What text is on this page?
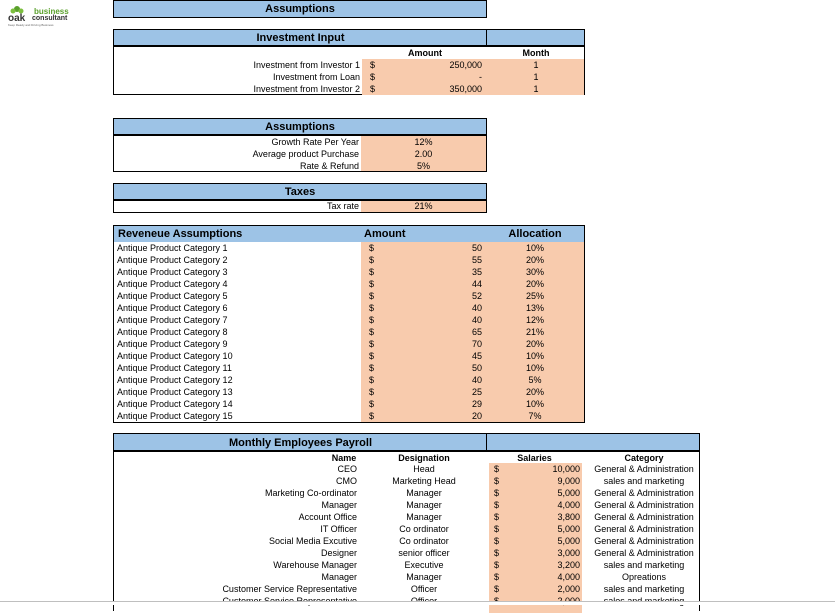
oak
business
consultant
Keep Ready and Driving Business
Assumptions
Investment Input
Amount	Month
Investment from Investor 1 $	250,000	1
Investment from Loan $	-	1
Investment from Investor 2 $	350,000	1
Assumptions
Growth Rate Per Year	12%
Average product Purchase	2.00
Rate & Refund	5%
Taxes
Tax rate	21%
Reveneue Assumptions	Amount	Allocation
Antique Product Category 1	$	50	10%
Antique Product Category 2	$	55	20%
Antique Product Category 3	$	35	30%
Antique Product Category 4	$	44	20%
Antique Product Category 5	$	52	25%
Antique Product Category 6	$	40	13%
Antique Product Category 7	$	40	12%
Antique Product Category 8	$	65	21%
Antique Product Category 9	$	70	20%
Antique Product Category 10	$	45	10%
Antique Product Category 11	$	50	10%
Antique Product Category 12	$	40	5%
Antique Product Category 13	$	25	20%
Antique Product Category 14	$	29	10%
Antique Product Category 15	$	20	7%
Monthly Employees Payroll
Name	Designation	Salaries	Category
CEO	Head	$	10,000	General & Administration
CMO	Marketing Head	$	9,000	sales and marketing
Marketing Co-ordinator	Manager	$	5,000	General & Administration
Manager	Manager	$	4,000	General & Administration
Account Office	Manager	$	3,800	General & Administration
IT Officer	Co ordinator	$	5,000	General & Administration
Social Media Excutive	Co ordinator	$	5,000	General & Administration
Designer	senior officer	$	3,000	General & Administration
Warehouse Manager	Executive	$	3,200	sales and marketing
Manager	Manager	$	4,000	Opreations
Customer Service Representative	Officer	$	2,000	sales and marketing
